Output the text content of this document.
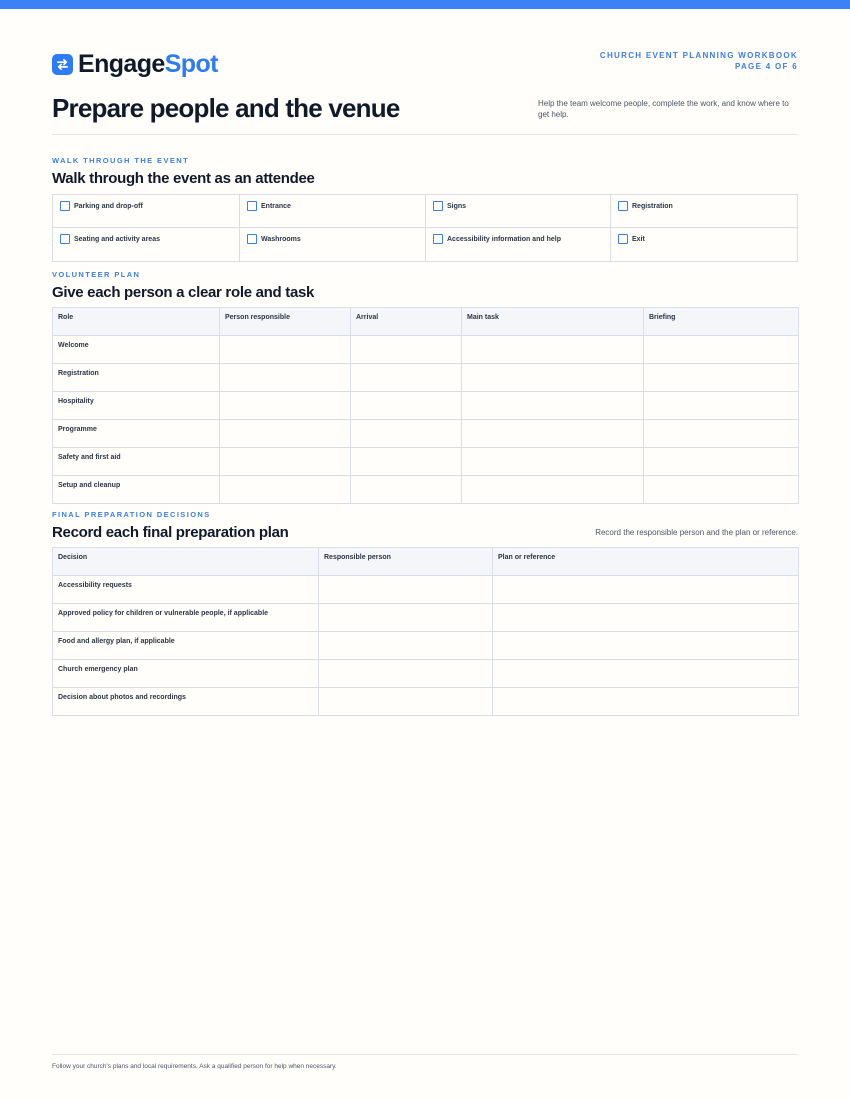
EngageSpot	CHURCH EVENT PLANNING WORKBOOK
PAGE 4 OF 6
Prepare people and the venue	Help the team welcome people, complete the work, and know where to get help.

WALK THROUGH THE EVENT
Walk through the event as an attendee
Parking and drop-off	Entrance	Signs	Registration
Seating and activity areas	Washrooms	Accessibility information and help	Exit
VOLUNTEER PLAN
Give each person a clear role and task
Role	Person responsible	Arrival	Main task	Briefing
Welcome				
Registration				
Hospitality				
Programme				
Safety and first aid				
Setup and cleanup				
FINAL PREPARATION DECISIONS
Record each final preparation plan	Record the responsible person and the plan or reference.
Decision	Responsible person	Plan or reference
Accessibility requests		
Approved policy for children or vulnerable people, if applicable		
Food and allergy plan, if applicable		
Church emergency plan		
Decision about photos and recordings		
Follow your church's plans and local requirements. Ask a qualified person for help when necessary.
